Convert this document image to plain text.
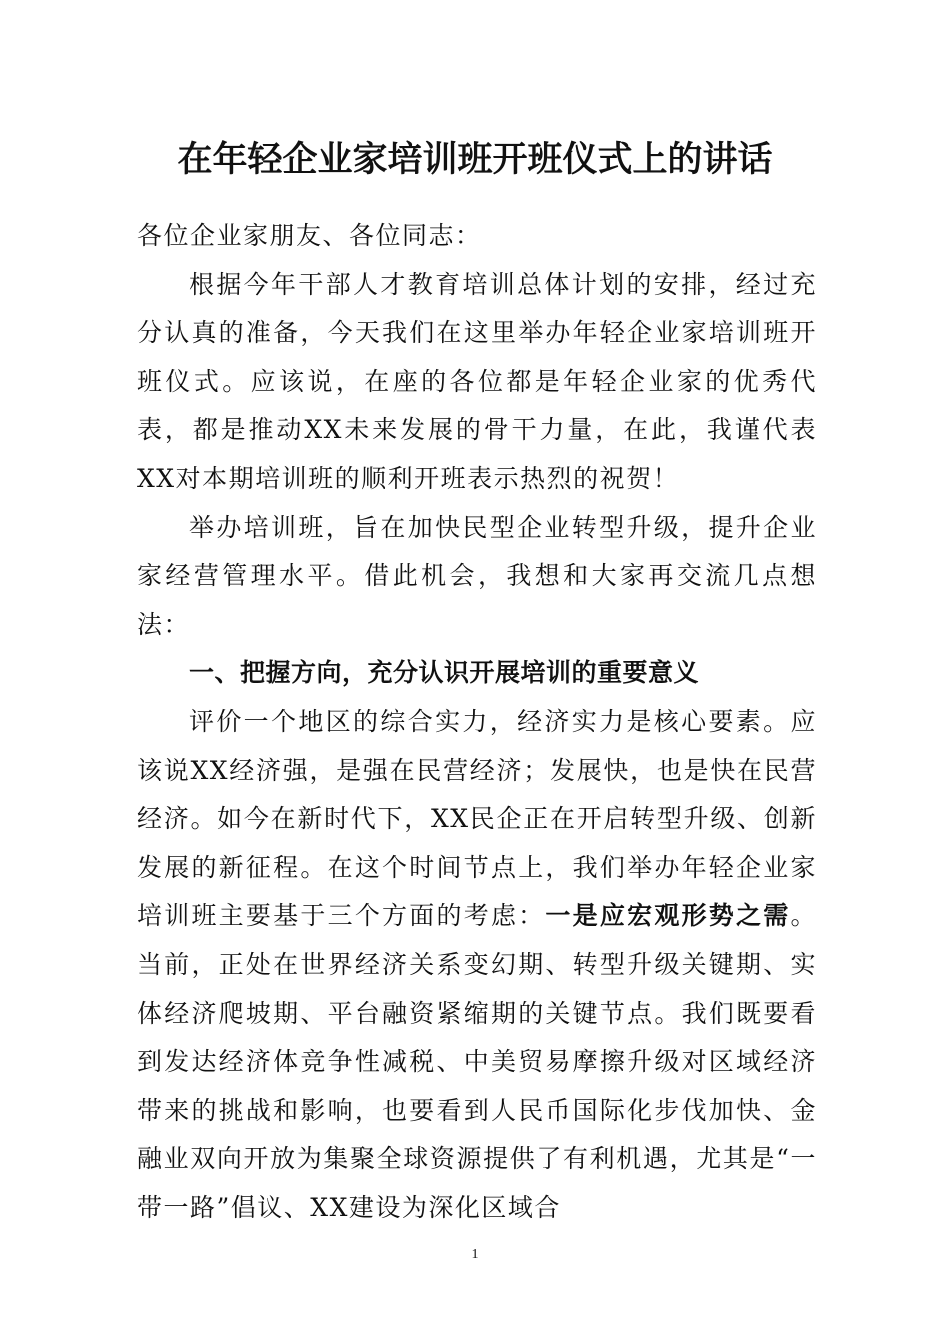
在年轻企业家培训班开班仪式上的讲话

各位企业家朋友、各位同志：

根据今年干部人才教育培训总体计划的安排，经过充分认真的准备，今天我们在这里举办年轻企业家培训班开班仪式。应该说，在座的各位都是年轻企业家的优秀代表，都是推动XX未来发展的骨干力量，在此，我谨代表XX对本期培训班的顺利开班表示热烈的祝贺！

举办培训班，旨在加快民型企业转型升级，提升企业家经营管理水平。借此机会，我想和大家再交流几点想法：

一、把握方向，充分认识开展培训的重要意义

评价一个地区的综合实力，经济实力是核心要素。应该说XX经济强，是强在民营经济；发展快，也是快在民营经济。如今在新时代下，XX民企正在开启转型升级、创新发展的新征程。在这个时间节点上，我们举办年轻企业家培训班主要基于三个方面的考虑：一是应宏观形势之需。当前，正处在世界经济关系变幻期、转型升级关键期、实体经济爬坡期、平台融资紧缩期的关键节点。我们既要看到发达经济体竞争性减税、中美贸易摩擦升级对区域经济带来的挑战和影响，也要看到人民币国际化步伐加快、金融业双向开放为集聚全球资源提供了有利机遇，尤其是“一带一路”倡议、XX建设为深化区域合

1
